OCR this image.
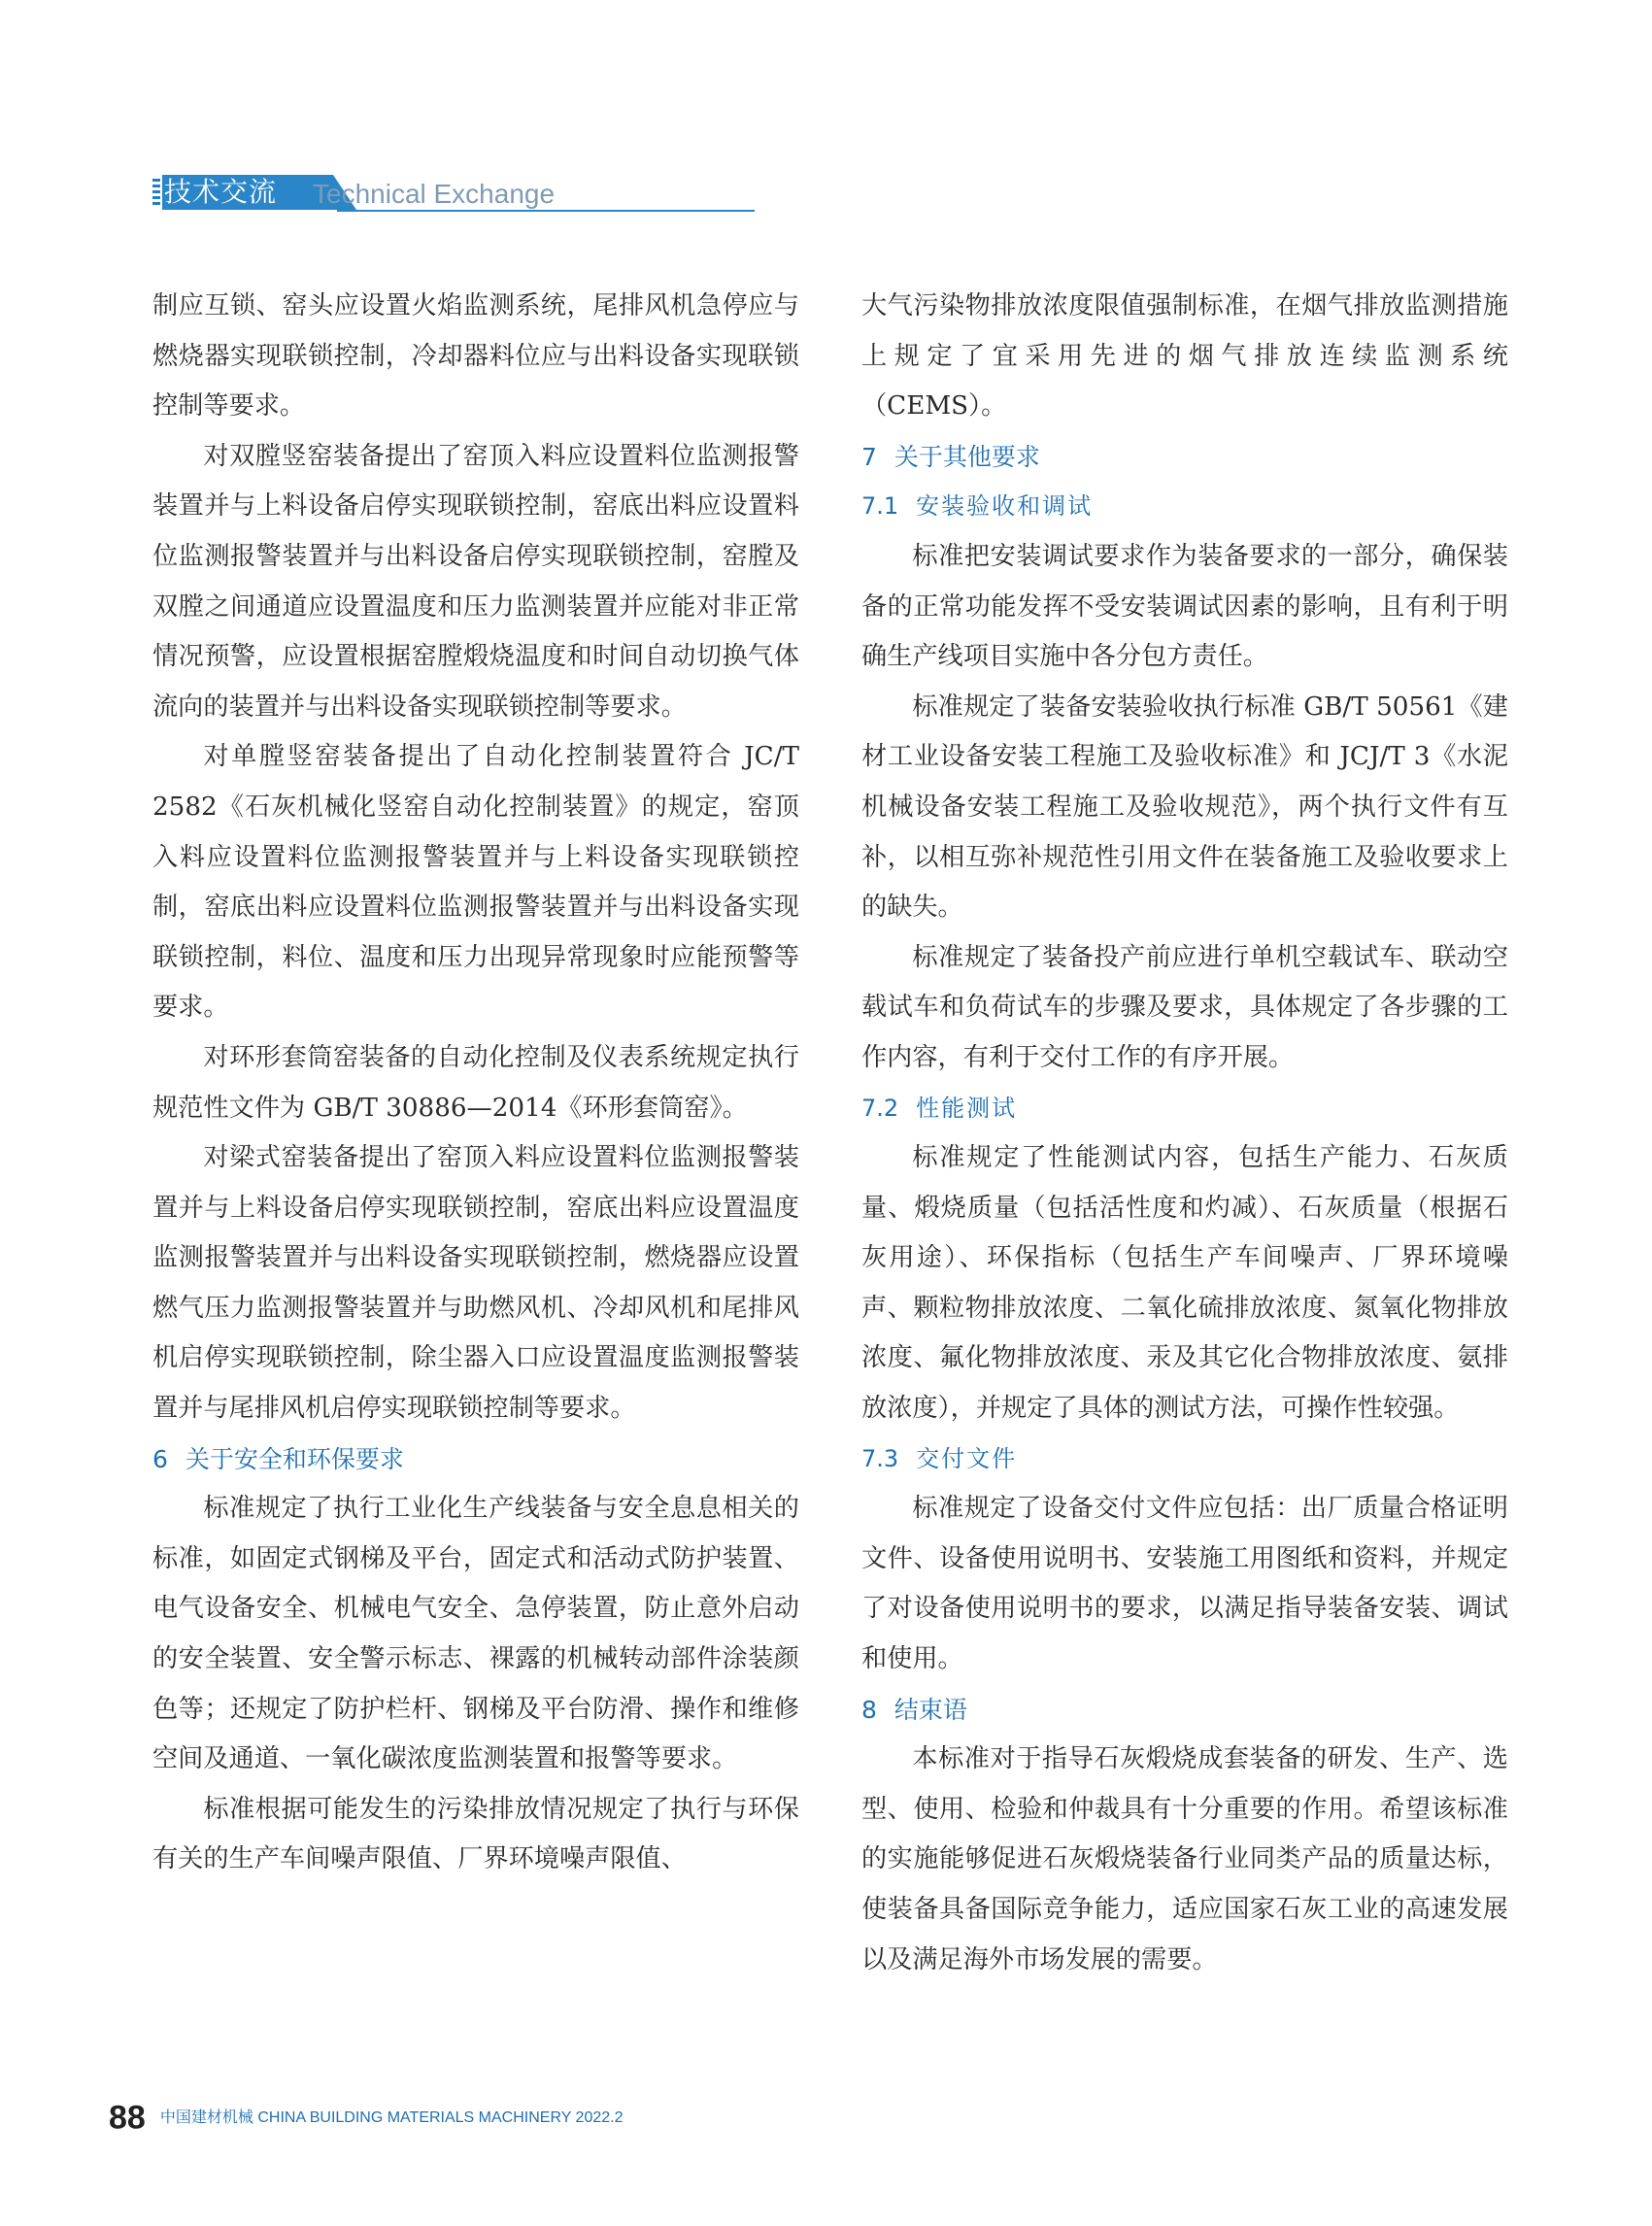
技术交流 Technical Exchange

制应互锁、窑头应设置火焰监测系统，尾排风机急停应与燃烧器实现联锁控制，冷却器料位应与出料设备实现联锁控制等要求。

对双膛竖窑装备提出了窑顶入料应设置料位监测报警装置并与上料设备启停实现联锁控制，窑底出料应设置料位监测报警装置并与出料设备启停实现联锁控制，窑膛及双膛之间通道应设置温度和压力监测装置并应能对非正常情况预警，应设置根据窑膛煅烧温度和时间自动切换气体流向的装置并与出料设备实现联锁控制等要求。

对单膛竖窑装备提出了自动化控制装置符合 JC/T 2582《石灰机械化竖窑自动化控制装置》的规定，窑顶入料应设置料位监测报警装置并与上料设备实现联锁控制，窑底出料应设置料位监测报警装置并与出料设备实现联锁控制，料位、温度和压力出现异常现象时应能预警等要求。

对环形套筒窑装备的自动化控制及仪表系统规定执行规范性文件为 GB/T 30886—2014《环形套筒窑》。

对梁式窑装备提出了窑顶入料应设置料位监测报警装置并与上料设备启停实现联锁控制，窑底出料应设置温度监测报警装置并与出料设备实现联锁控制，燃烧器应设置燃气压力监测报警装置并与助燃风机、冷却风机和尾排风机启停实现联锁控制，除尘器入口应设置温度监测报警装置并与尾排风机启停实现联锁控制等要求。

6 关于安全和环保要求

标准规定了执行工业化生产线装备与安全息息相关的标准，如固定式钢梯及平台，固定式和活动式防护装置、电气设备安全、机械电气安全、急停装置，防止意外启动的安全装置、安全警示标志、裸露的机械转动部件涂装颜色等；还规定了防护栏杆、钢梯及平台防滑、操作和维修空间及通道、一氧化碳浓度监测装置和报警等要求。

标准根据可能发生的污染排放情况规定了执行与环保有关的生产车间噪声限值、厂界环境噪声限值、

大气污染物排放浓度限值强制标准，在烟气排放监测措施上规定了宜采用先进的烟气排放连续监测系统（CEMS）。

7 关于其他要求
7.1 安装验收和调试

标准把安装调试要求作为装备要求的一部分，确保装备的正常功能发挥不受安装调试因素的影响，且有利于明确生产线项目实施中各分包方责任。

标准规定了装备安装验收执行标准 GB/T 50561《建材工业设备安装工程施工及验收标准》和 JCJ/T 3《水泥机械设备安装工程施工及验收规范》，两个执行文件有互补，以相互弥补规范性引用文件在装备施工及验收要求上的缺失。

标准规定了装备投产前应进行单机空载试车、联动空载试车和负荷试车的步骤及要求，具体规定了各步骤的工作内容，有利于交付工作的有序开展。

7.2 性能测试

标准规定了性能测试内容，包括生产能力、石灰质量、煅烧质量（包括活性度和灼减）、石灰质量（根据石灰用途）、环保指标（包括生产车间噪声、厂界环境噪声、颗粒物排放浓度、二氧化硫排放浓度、氮氧化物排放浓度、氟化物排放浓度、汞及其它化合物排放浓度、氨排放浓度），并规定了具体的测试方法，可操作性较强。

7.3 交付文件

标准规定了设备交付文件应包括：出厂质量合格证明文件、设备使用说明书、安装施工用图纸和资料，并规定了对设备使用说明书的要求，以满足指导装备安装、调试和使用。

8 结束语

本标准对于指导石灰煅烧成套装备的研发、生产、选型、使用、检验和仲裁具有十分重要的作用。希望该标准的实施能够促进石灰煅烧装备行业同类产品的质量达标，使装备具备国际竞争能力，适应国家石灰工业的高速发展以及满足海外市场发展的需要。

88 中国建材机械 CHINA BUILDING MATERIALS MACHINERY 2022.2
